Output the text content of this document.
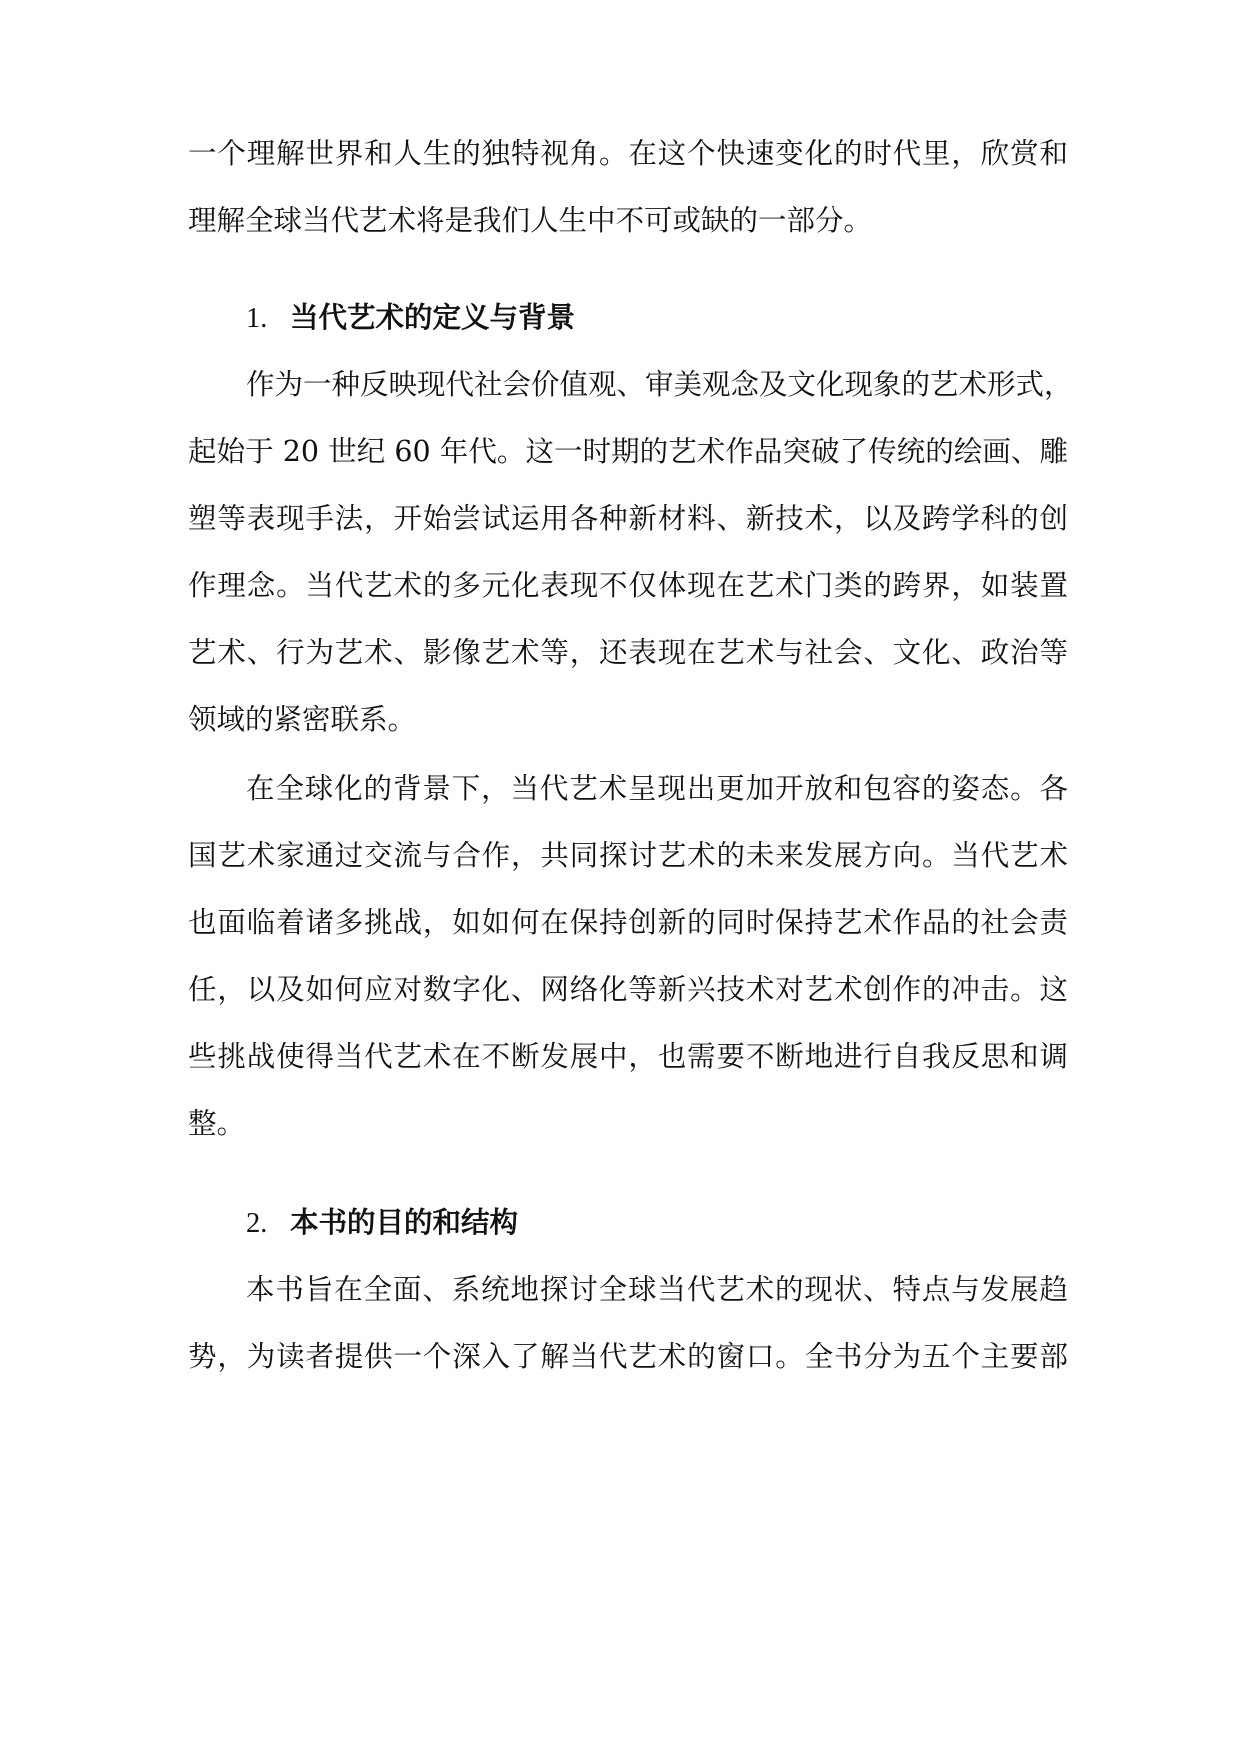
一个理解世界和人生的独特视角。在这个快速变化的时代里，欣赏和
理解全球当代艺术将是我们人生中不可或缺的一部分。
1. 当代艺术的定义与背景
作为一种反映现代社会价值观、审美观念及文化现象的艺术形式，
起始于 20 世纪 60 年代。这一时期的艺术作品突破了传统的绘画、雕
塑等表现手法，开始尝试运用各种新材料、新技术，以及跨学科的创
作理念。当代艺术的多元化表现不仅体现在艺术门类的跨界，如装置
艺术、行为艺术、影像艺术等，还表现在艺术与社会、文化、政治等
领域的紧密联系。
在全球化的背景下，当代艺术呈现出更加开放和包容的姿态。各
国艺术家通过交流与合作，共同探讨艺术的未来发展方向。当代艺术
也面临着诸多挑战，如如何在保持创新的同时保持艺术作品的社会责
任，以及如何应对数字化、网络化等新兴技术对艺术创作的冲击。这
些挑战使得当代艺术在不断发展中，也需要不断地进行自我反思和调
整。
2. 本书的目的和结构
本书旨在全面、系统地探讨全球当代艺术的现状、特点与发展趋
势，为读者提供一个深入了解当代艺术的窗口。全书分为五个主要部
